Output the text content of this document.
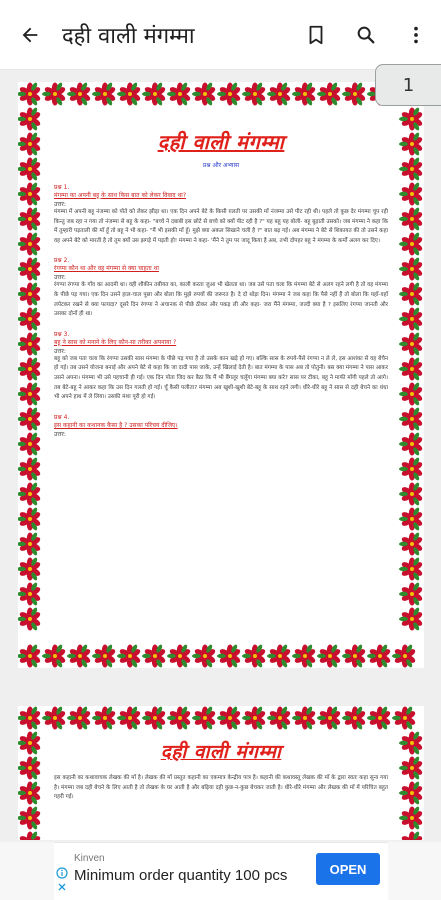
दही वाली मंगम्मा
दही वाली मंगम्मा
प्रश्न और अभ्यास
प्रश्न 1.
मंगम्मा का अपनी बहू के साथ किस बात को लेकर विवाद था?
उत्तर:
मंगम्मा में अपनी बहू नंजम्मा को पोते को लेकर झीड़ा था। एक दिन अपने बेटे के किसी ग़लती पर उसकी माँ नंजम्मा उसे पीट रही थी। पहले तो कुछ देर मंगम्मा चुप रही किन्तु जब रहा न गया तो नंजम्मा से बहू के कहा- "बच्चे ने दबाबी इस छोटे से बच्चे को क्यों पीट रही है ?" यह बहू यह बोली- बहू बुढ़ाती उसको। जब मंगम्मा ने कहा कि में तुम्हारी पड़ताली की माँ हूँ तो बहू ने भी कहा- "मैं भी इसकी माँ हूँ। मुझे क्या अकल सिखाने चली है ?" बात बढ़ गई। अब मंगम्मा ने बेटे से शिकायत की तो उसने कहा वह अपने बेटे को मारती है तो तुम क्यों उस झगड़े में पड़ती हो! मंगम्मा ने कहा- 'मैंने ने तुम पर जादू किया है अब, तभी दोपहर बहू ने मंगम्मा के कर्मों अलग कर दिए।
प्रश्न 2.
रंगप्पा कौन था और वह मंगम्मा से क्या चाहता था
उत्तर:
रंगप्पा रंगप्पा के गाँव का आदमी था। वही शौकीन तबीयत का, काली करता जुआ भी खेलता था। जब उसे पता चला कि मंगम्मा बेटे से अलग रहने लगी है तो वह मंगम्मा के पीछे पड़ गया। एक दिन उसने हाल-चाल पूछा और बोला कि मुझे रुपयों की जरूरत है। दे दो थोड़ा दिन। मंगम्मा ने जब कहा कि पैसे नहीं हैं तो बोला कि यहाँ-वहाँ लपेटकर रखने से क्या फायदा? दूसरे दिन रंगप्पा ने अचानक से पीछे ठीकर और पकड़ ली और कहा- जरा मैंने मंगम्मा, जल्दी क्या है ? इसलिए रंगप्पा जानती और उसका दोनों ही था।
प्रश्न 3.
बहू ने सास को मनाने के लिए कौन-सा तरीका अपनाया ?
उत्तर:
बहू को जब पता चला कि रंगप्पा उसकी सास मंगम्मा के पीछे पड़ गया है तो उसके कान खड़े हो गए। बल्कि सास के रुपये-पैसे रंगप्पा न ले ले, इस आशंका से वह बेचैन हो गई। तब उसने योजना बनाई और अपने बेटे से कहा कि जा दादी पास जाके, उन्हें खिलाई देती है। बात मंगम्मा के पास अब तो पोतुनी। बस क्या मंगम्मा ने पास आकर उसने अपना। मंगम्मा भी उसे पहचानी ही गई। एक दिन पोता जिद कर बैठा कि मैं भी बैंगलूर चलूँगा मंगम्मा क्या करे? सास पर टीका, बहू ने माफी माँगी पहले तो आगे। तब बेटे-बहू ने आकर कहा कि उस दिन गलती हो गई। चूँ कैसी पलीता? मंगम्मा अब खुशी-खुशी बेटे-बहू के साथ रहने लगी। धीरे-धीरे बहू ने सास से दही बेचने का धंधा भी अपने हाथ में ले लिया। उसकी मंशा पूरी हो गई।
प्रश्न 4.
इस कहानी का कथानक कैसा है ? उसका परिचय दीजिए।
उत्तर:
दही वाली मंगम्मा
इस कहानी का कथावाचक लेखक की माँ है। लेखक की माँ प्रस्तुत कहानी का एकमात्र केन्द्रीय पात्र है। कहानी की कथावस्तु लेखक की माँ के द्वारा स्वतः कहा सुना गया है। मंगम्मा जब दही बेचने के लिए आती है तो लेखक के घर आती है और बढ़िया दही कुछ-न-कुछ बेचकर जाती है। धीरे-धीरे मंगम्मा और लेखक की माँ में परिचित बहुत गहरी गई।
1
Kinven
Minimum order quantity 100 pcs	OPEN
